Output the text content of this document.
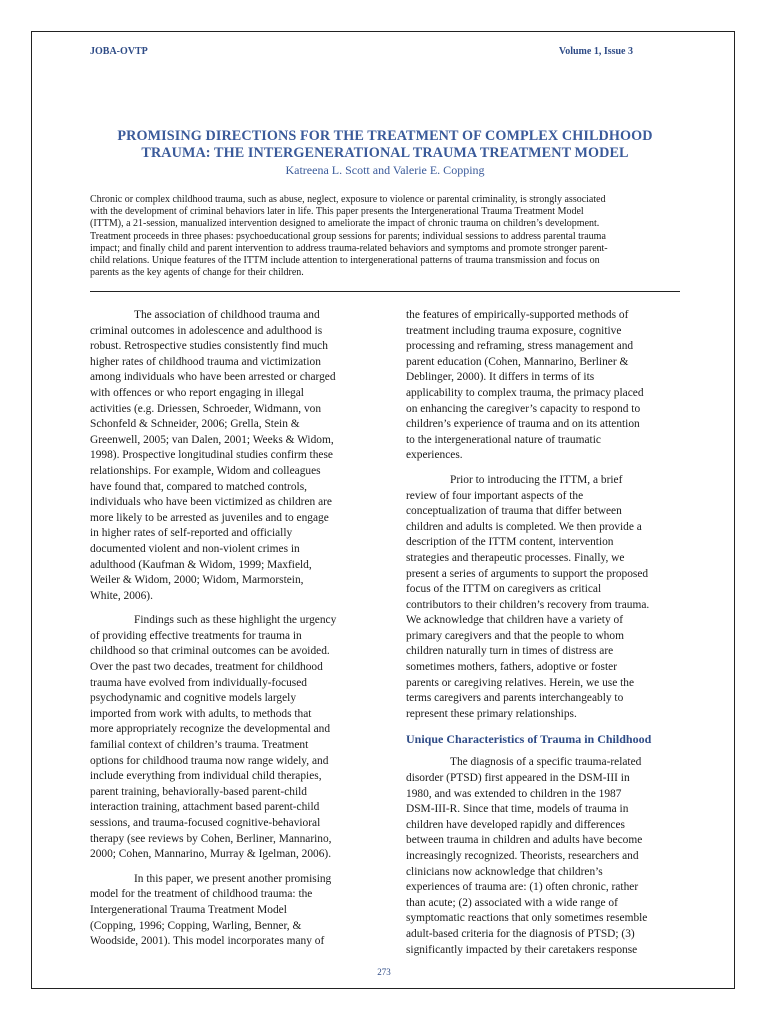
JOBA-OVTP	Volume 1, Issue 3
PROMISING DIRECTIONS FOR THE TREATMENT OF COMPLEX CHILDHOOD
TRAUMA: THE INTERGENERATIONAL TRAUMA TREATMENT MODEL
Katreena L. Scott and Valerie E. Copping
Chronic or complex childhood trauma, such as abuse, neglect, exposure to violence or parental criminality, is strongly associated
with the development of criminal behaviors later in life. This paper presents the Intergenerational Trauma Treatment Model
(ITTM), a 21-session, manualized intervention designed to ameliorate the impact of chronic trauma on children’s development.
Treatment proceeds in three phases: psychoeducational group sessions for parents; individual sessions to address parental trauma
impact; and finally child and parent intervention to address trauma-related behaviors and symptoms and promote stronger parent-
child relations. Unique features of the ITTM include attention to intergenerational patterns of trauma transmission and focus on
parents as the key agents of change for their children.
The association of childhood trauma and
criminal outcomes in adolescence and adulthood is
robust. Retrospective studies consistently find much
higher rates of childhood trauma and victimization
among individuals who have been arrested or charged
with offences or who report engaging in illegal
activities (e.g. Driessen, Schroeder, Widmann, von
Schonfeld & Schneider, 2006; Grella, Stein &
Greenwell, 2005; van Dalen, 2001; Weeks & Widom,
1998). Prospective longitudinal studies confirm these
relationships. For example, Widom and colleagues
have found that, compared to matched controls,
individuals who have been victimized as children are
more likely to be arrested as juveniles and to engage
in higher rates of self-reported and officially
documented violent and non-violent crimes in
adulthood (Kaufman & Widom, 1999; Maxfield,
Weiler & Widom, 2000; Widom, Marmorstein,
White, 2006).
Findings such as these highlight the urgency
of providing effective treatments for trauma in
childhood so that criminal outcomes can be avoided.
Over the past two decades, treatment for childhood
trauma have evolved from individually-focused
psychodynamic and cognitive models largely
imported from work with adults, to methods that
more appropriately recognize the developmental and
familial context of children’s trauma. Treatment
options for childhood trauma now range widely, and
include everything from individual child therapies,
parent training, behaviorally-based parent-child
interaction training, attachment based parent-child
sessions, and trauma-focused cognitive-behavioral
therapy (see reviews by Cohen, Berliner, Mannarino,
2000; Cohen, Mannarino, Murray & Igelman, 2006).
In this paper, we present another promising
model for the treatment of childhood trauma: the
Intergenerational Trauma Treatment Model
(Copping, 1996; Copping, Warling, Benner, &
Woodside, 2001). This model incorporates many of
the features of empirically-supported methods of
treatment including trauma exposure, cognitive
processing and reframing, stress management and
parent education (Cohen, Mannarino, Berliner &
Deblinger, 2000). It differs in terms of its
applicability to complex trauma, the primacy placed
on enhancing the caregiver’s capacity to respond to
children’s experience of trauma and on its attention
to the intergenerational nature of traumatic
experiences.
Prior to introducing the ITTM, a brief
review of four important aspects of the
conceptualization of trauma that differ between
children and adults is completed. We then provide a
description of the ITTM content, intervention
strategies and therapeutic processes. Finally, we
present a series of arguments to support the proposed
focus of the ITTM on caregivers as critical
contributors to their children’s recovery from trauma.
We acknowledge that children have a variety of
primary caregivers and that the people to whom
children naturally turn in times of distress are
sometimes mothers, fathers, adoptive or foster
parents or caregiving relatives. Herein, we use the
terms caregivers and parents interchangeably to
represent these primary relationships.
Unique Characteristics of Trauma in Childhood
The diagnosis of a specific trauma-related
disorder (PTSD) first appeared in the DSM-III in
1980, and was extended to children in the 1987
DSM-III-R. Since that time, models of trauma in
children have developed rapidly and differences
between trauma in children and adults have become
increasingly recognized. Theorists, researchers and
clinicians now acknowledge that children’s
experiences of trauma are: (1) often chronic, rather
than acute; (2) associated with a wide range of
symptomatic reactions that only sometimes resemble
adult-based criteria for the diagnosis of PTSD; (3)
significantly impacted by their caretakers response
273
